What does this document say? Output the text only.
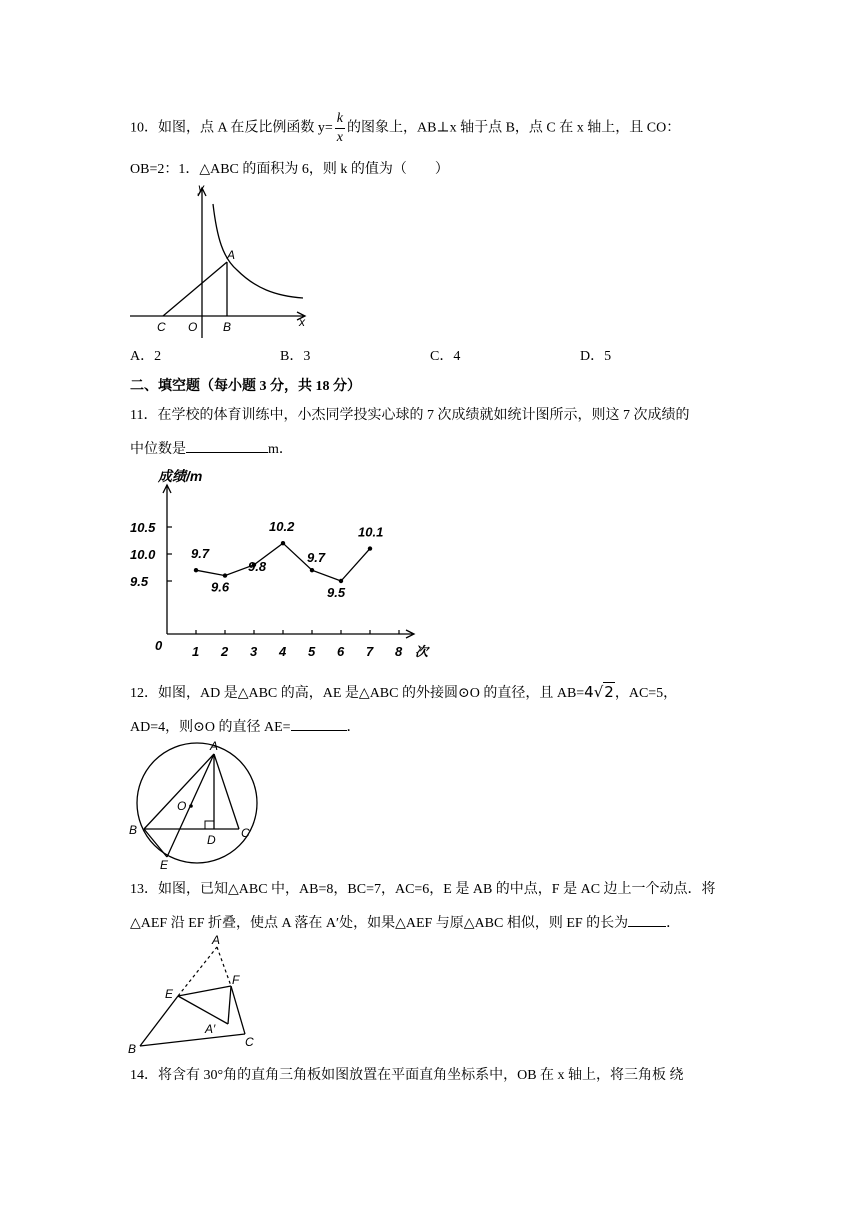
10．如图，点 A 在反比例函数 $y= \frac{k}{x}$ 的图象上，AB⊥x 轴于点 B，点 C 在 x 轴上，且 CO：
OB=2：1．△ABC 的面积为 6，则 k 的值为（　　）
y
x
A
B
C O
A．2	B．3	C．4	D．5
二、填空题（每小题 3 分，共 18 分）
11．在学校的体育训练中，小杰同学投实心球的 7 次成绩就如统计图所示，则这 7 次成绩的
中位数是	m．
成绩/m
次
0 1 2 3 4 5 6 7 8
10.5
10.0
9.5
9.7
9.6
9.8
10.2
9.7
9.5
10.1
12．如图，AD 是△ABC 的高，AE 是△ABC 的外接圆⊙O 的直径，且 AB=4√2，AC=5，
AD=4，则⊙O 的直径 AE=	．
A
B	C
D
E
O
13．如图，已知△ABC 中，AB=8，BC=7，AC=6，E 是 AB 的中点，F 是 AC 边上一个动点．将
△AEF 沿 EF 折叠，使点 A 落在 A′处，如果△AEF 与原△ABC 相似，则 EF 的长为	．
A
E
F
A′
B	C
14．将含有 30°角的直角三角板如图放置在平面直角坐标系中，OB 在 x 轴上，将三角板 绕
